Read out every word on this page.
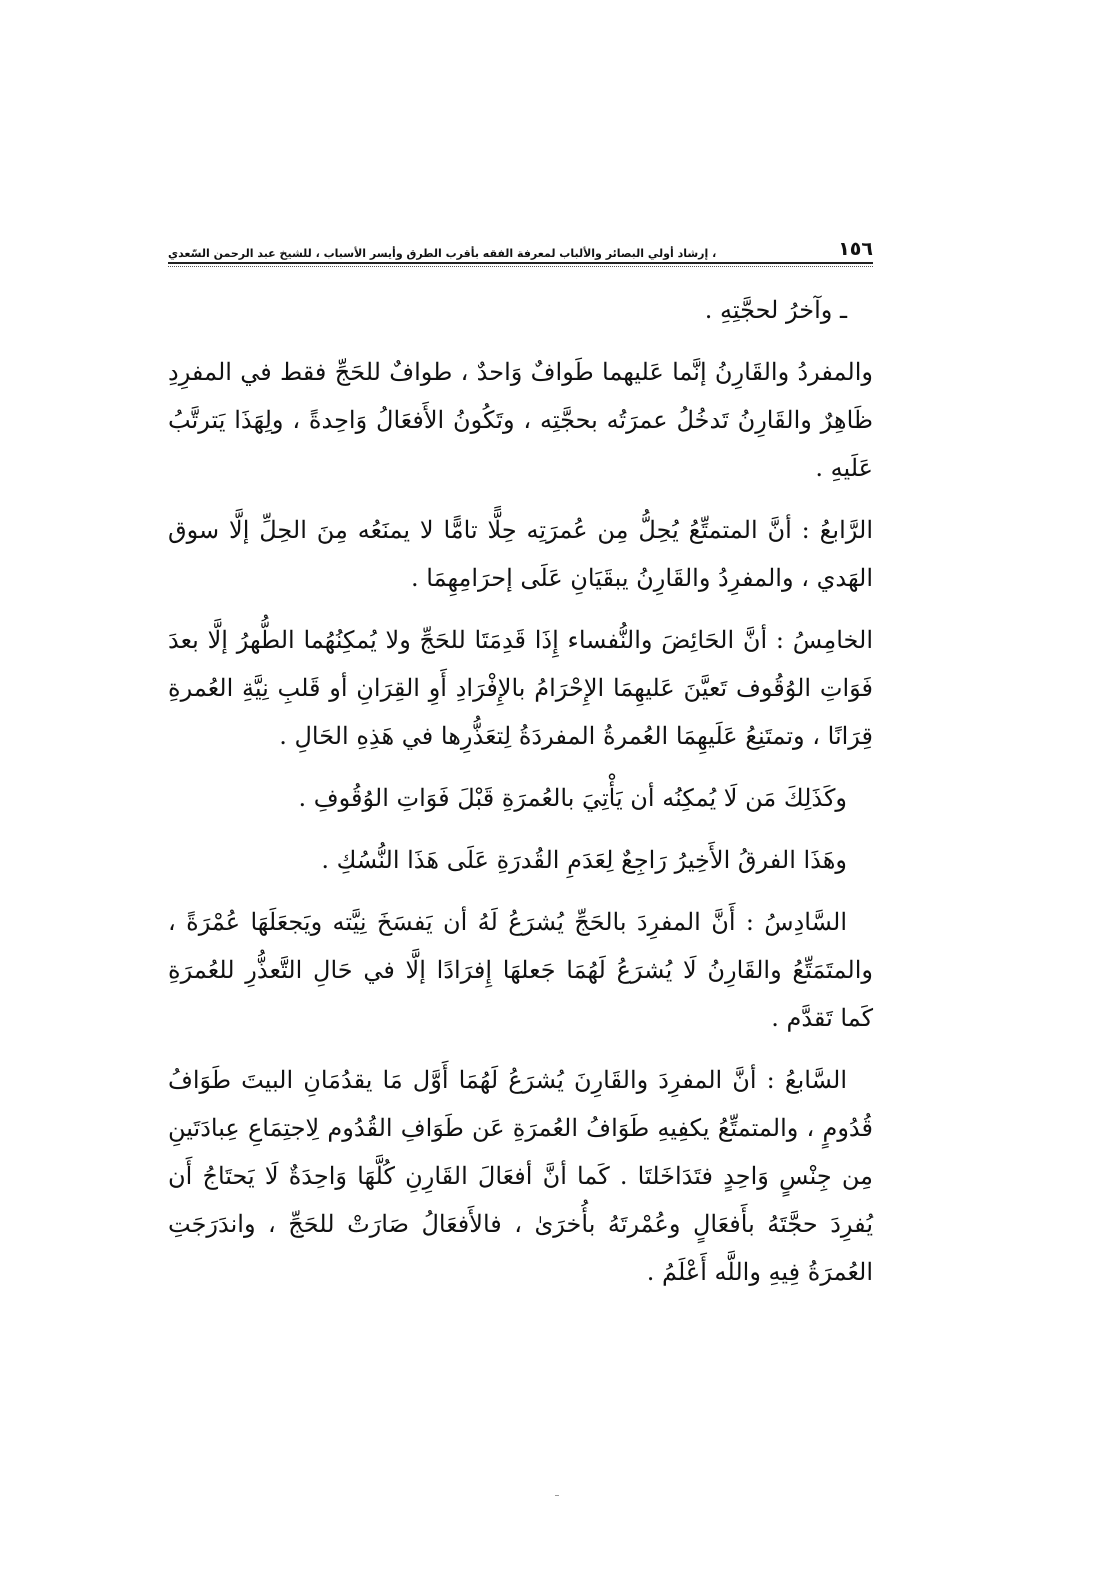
١٥٦
، إرشاد أولي البصائر والألباب لمعرفة الفقه بأقرب الطرق وأيسر الأسباب ، للشيخ عبد الرحمن السّعدي

ـ وآخرُ لحجَّتِهِ .

والمفردُ والقَارِنُ إنَّما عَليهما طَوافٌ وَاحدٌ ، طوافٌ للحَجِّ فقط في المفرِدِ ظَاهِرٌ والقَارِنُ تَدخُلُ عمرَتُه بحجَّتِه ، وتَكُونُ الأَفعَالُ وَاحِدةً ، ولِهَذَا يَترتَّبُ عَلَيهِ .

الرَّابعُ : أنَّ المتمتِّعُ يُحِلُّ مِن عُمرَتِه حِلًّا تامًّا لا يمنَعُه مِنَ الحِلِّ إلَّا سوق الهَدي ، والمفرِدُ والقَارِنُ يبقَيَانِ عَلَى إحرَامِهِمَا .

الخامِسُ : أنَّ الحَائِضَ والنُّفساء إِذَا قَدِمَتَا للحَجِّ ولا يُمكِنُهُما الطُّهرُ إلَّا بعدَ فَوَاتِ الوُقُوف تَعيَّنَ عَليهِمَا الإِحْرَامُ بالإِفْرَادِ أَوِ القِرَانِ أو قَلبِ نِيَّةِ العُمرةِ قِرَانًا ، وتمتَنِعُ عَلَيهِمَا العُمرةُ المفردَةُ لِتعَذُّرِها في هَذِهِ الحَالِ .

وكَذَلِكَ مَن لَا يُمكِنُه أن يَأْتِيَ بالعُمرَةِ قَبْلَ فَوَاتِ الوُقُوفِ .

وهَذَا الفرقُ الأَخِيرُ رَاجِعٌ لِعَدَمِ القُدرَةِ عَلَى هَذَا النُّسُكِ .

السَّادِسُ : أَنَّ المفرِدَ بالحَجِّ يُشرَعُ لَهُ أن يَفسَخَ نِيَّته ويَجعَلَهَا عُمْرَةً ، والمتَمَتِّعُ والقَارِنُ لَا يُشرَعُ لَهُمَا جَعلهَا إِفرَادًا إلَّا في حَالِ التَّعذُّرِ للعُمرَةِ كَما تَقدَّم .

السَّابعُ : أنَّ المفرِدَ والقَارِنَ يُشرَعُ لَهُمَا أَوَّل مَا يقدُمَانِ البيتَ طَوَافُ قُدُومٍ ، والمتمتِّعُ يكفِيهِ طَوَافُ العُمرَةِ عَن طَوَافِ القُدُوم لِاجتِمَاعِ عِبادَتَينِ مِن جِنْسٍ وَاحِدٍ فتَدَاخَلتَا . كَما أنَّ أفعَالَ القَارِنِ كُلَّهَا وَاحِدَةٌ لَا يَحتَاجُ أَن يُفرِدَ حجَّتَهُ بأَفعَالٍ وعُمْرتَهُ بأُخرَىٰ ، فالأَفعَالُ صَارَتْ للحَجِّ ، واندَرَجَتِ العُمرَةُ فِيهِ واللَّه أَعْلَمُ .
